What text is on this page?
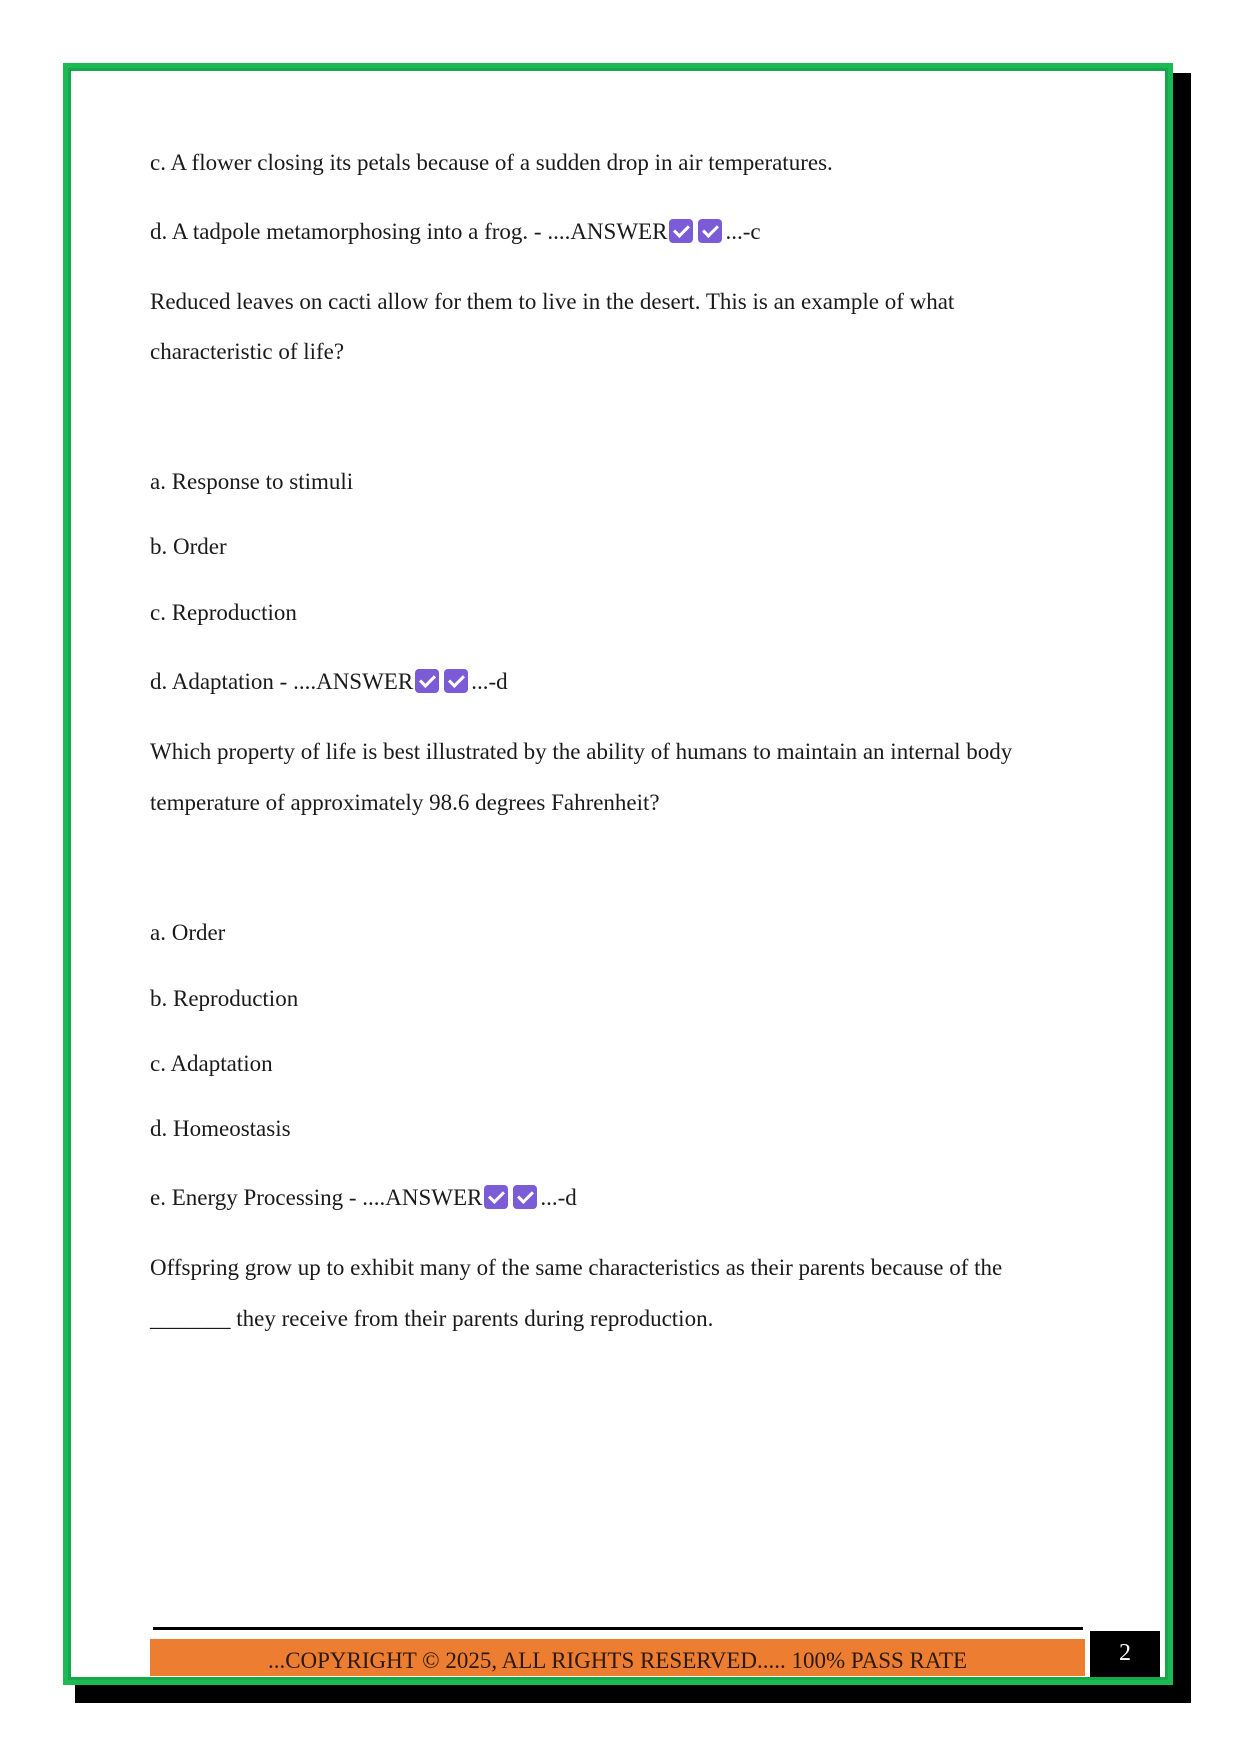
c. A flower closing its petals because of a sudden drop in air temperatures.
d. A tadpole metamorphosing into a frog. - ....ANSWER	...-c
Reduced leaves on cacti allow for them to live in the desert. This is an example of what
characteristic of life?
a. Response to stimuli
b. Order
c. Reproduction
d. Adaptation - ....ANSWER	...-d
Which property of life is best illustrated by the ability of humans to maintain an internal body
temperature of approximately 98.6 degrees Fahrenheit?
a. Order
b. Reproduction
c. Adaptation
d. Homeostasis
e. Energy Processing - ....ANSWER	...-d
Offspring grow up to exhibit many of the same characteristics as their parents because of the
_______ they receive from their parents during reproduction.
...COPYRIGHT © 2025, ALL RIGHTS RESERVED..... 100% PASS RATE	2
